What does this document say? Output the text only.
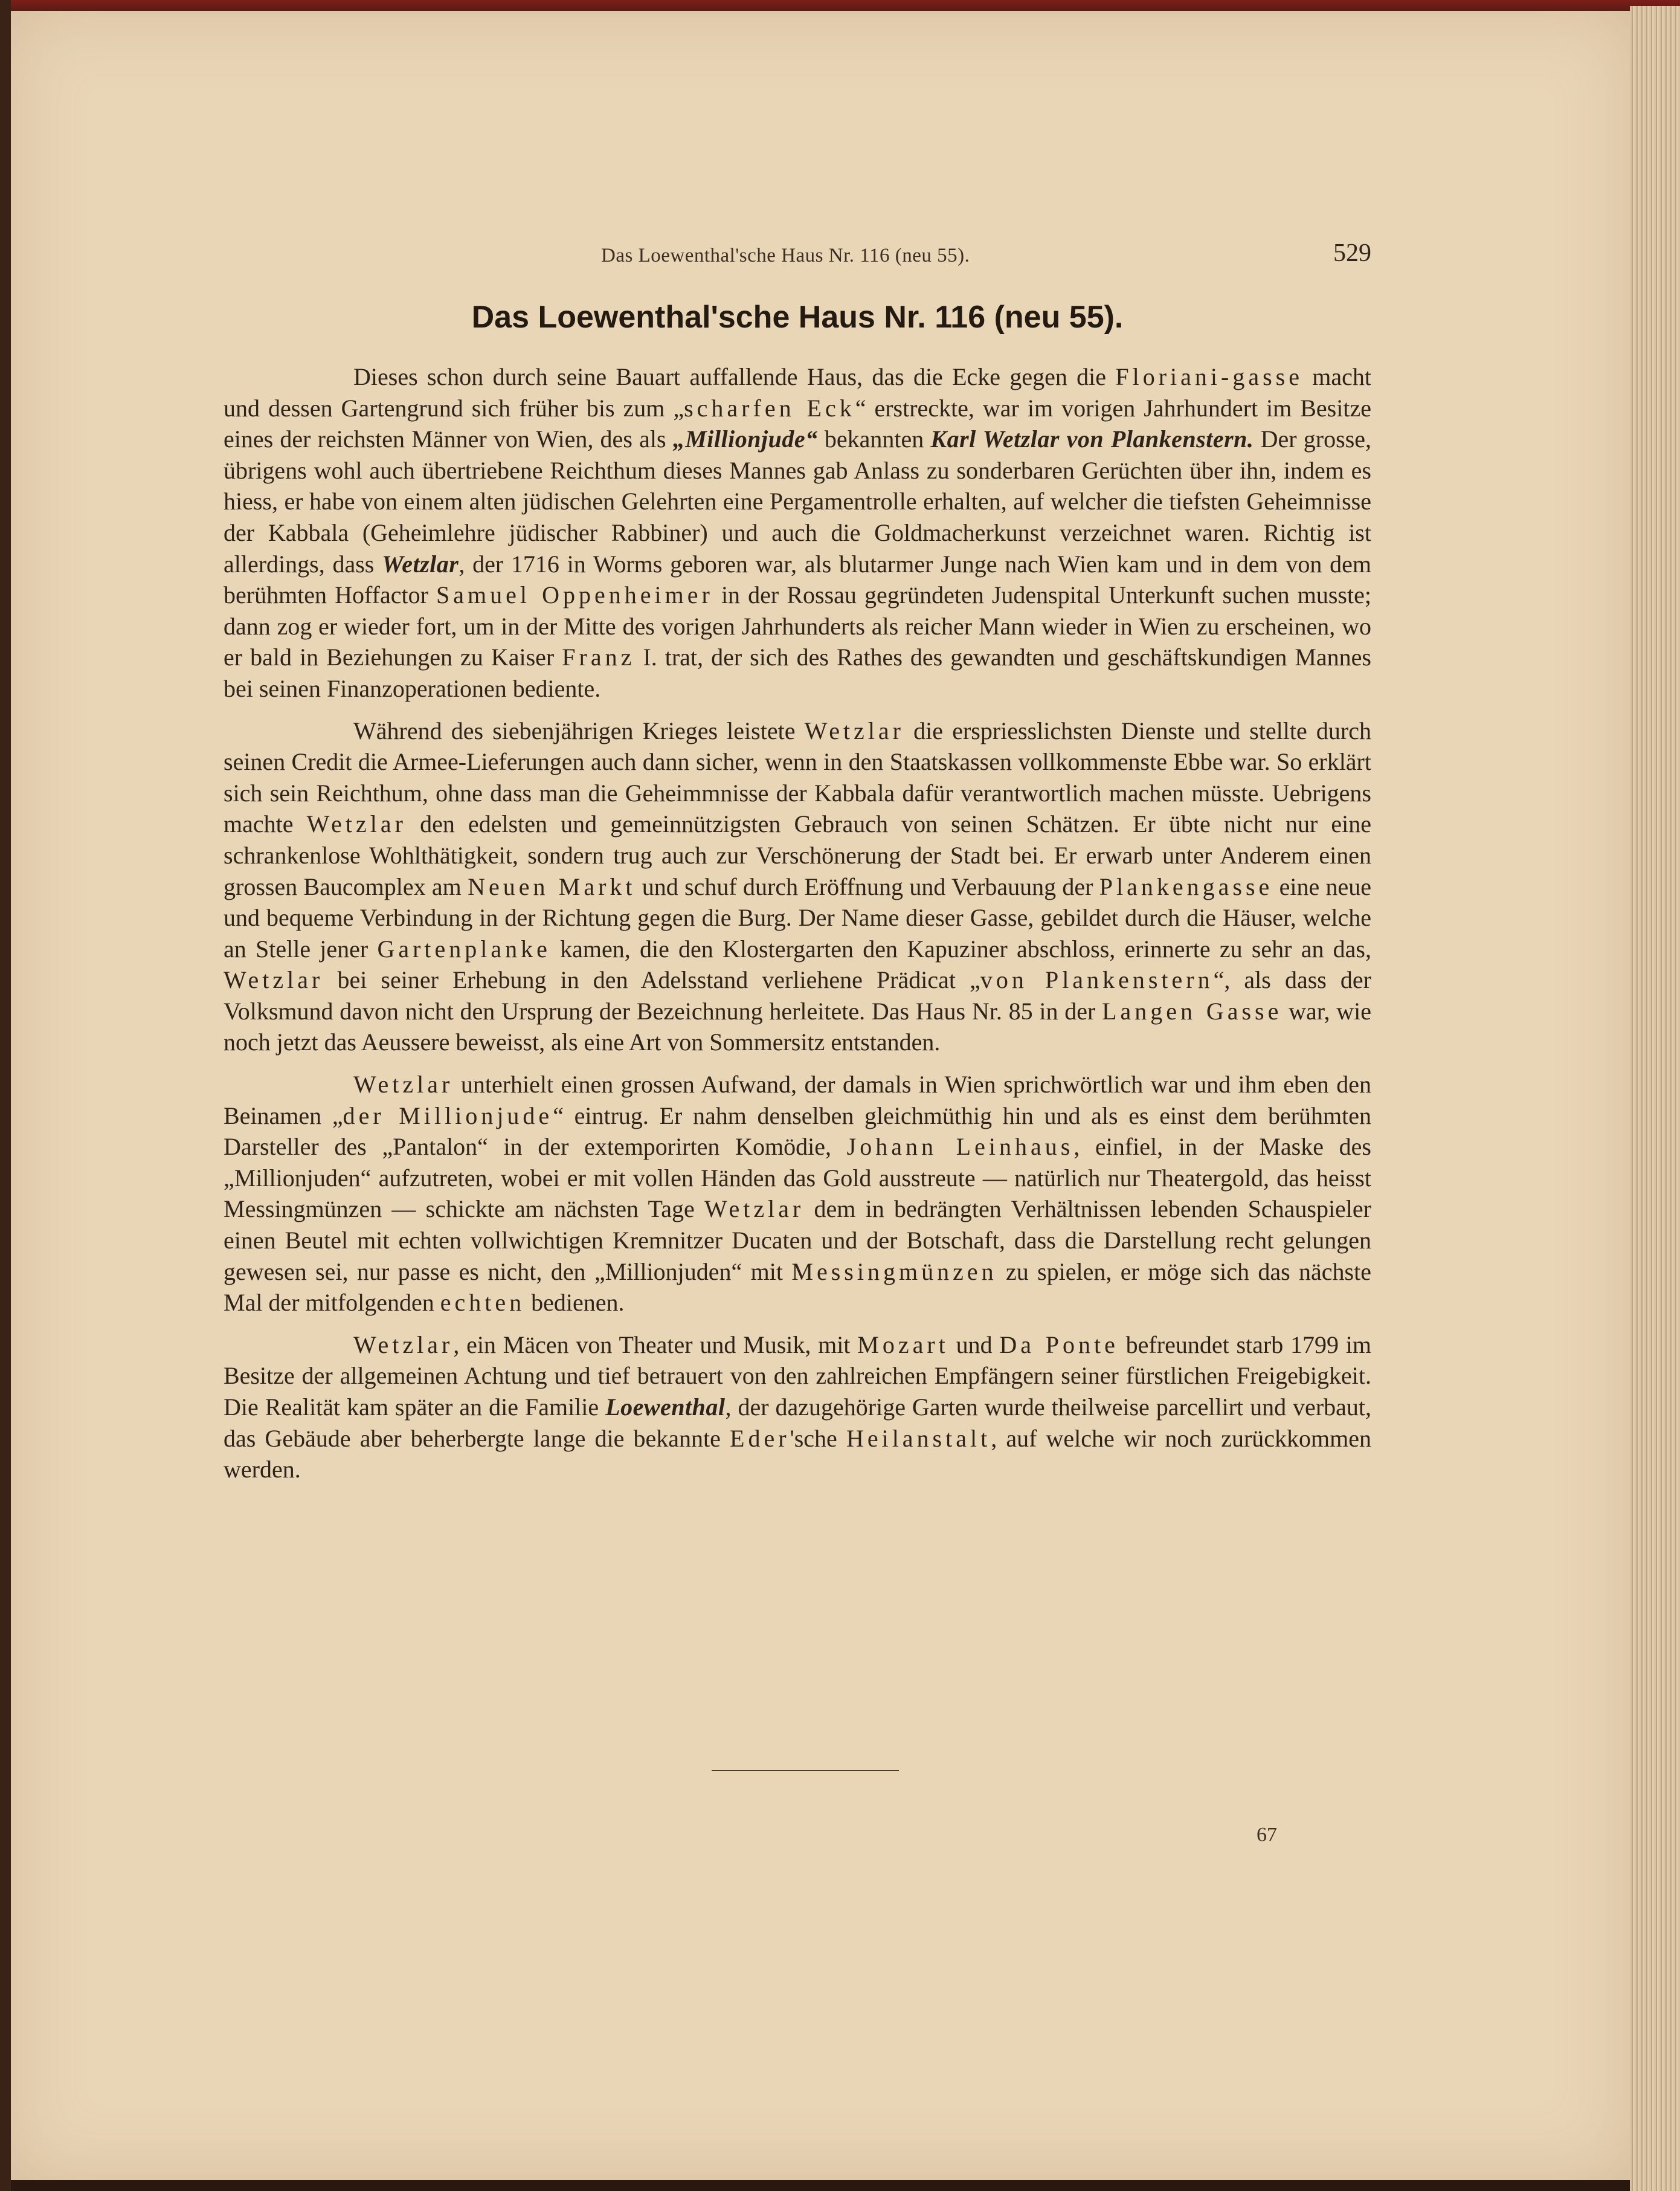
Das Loewenthal'sche Haus Nr. 116 (neu 55).	529
Das Loewenthal'sche Haus Nr. 116 (neu 55).

Dieses schon durch seine Bauart auffallende Haus, das die Ecke gegen die Floriani-gasse macht und dessen Gartengrund sich früher bis zum „scharfen Eck“ erstreckte, war im vorigen Jahrhundert im Besitze eines der reichsten Männer von Wien, des als „Millionjude“ bekannten Karl Wetzlar von Plankenstern. Der grosse, übrigens wohl auch übertriebene Reichthum dieses Mannes gab Anlass zu sonderbaren Gerüchten über ihn, indem es hiess, er habe von einem alten jüdischen Gelehrten eine Pergamentrolle erhalten, auf welcher die tiefsten Geheimnisse der Kabbala (Geheimlehre jüdischer Rabbiner) und auch die Goldmacherkunst verzeichnet waren. Richtig ist allerdings, dass Wetzlar, der 1716 in Worms geboren war, als blutarmer Junge nach Wien kam und in dem von dem berühmten Hoffactor Samuel Oppenheimer in der Rossau gegründeten Judenspital Unterkunft suchen musste; dann zog er wieder fort, um in der Mitte des vorigen Jahrhunderts als reicher Mann wieder in Wien zu erscheinen, wo er bald in Beziehungen zu Kaiser Franz I. trat, der sich des Rathes des gewandten und geschäftskundigen Mannes bei seinen Finanzoperationen bediente.

Während des siebenjährigen Krieges leistete Wetzlar die erspriesslichsten Dienste und stellte durch seinen Credit die Armee-Lieferungen auch dann sicher, wenn in den Staatskassen vollkommenste Ebbe war. So erklärt sich sein Reichthum, ohne dass man die Geheimmnisse der Kabbala dafür verantwortlich machen müsste. Uebrigens machte Wetzlar den edelsten und gemeinnützigsten Gebrauch von seinen Schätzen. Er übte nicht nur eine schrankenlose Wohlthätigkeit, sondern trug auch zur Verschönerung der Stadt bei. Er erwarb unter Anderem einen grossen Baucomplex am Neuen Markt und schuf durch Eröffnung und Verbauung der Plankengasse eine neue und bequeme Verbindung in der Richtung gegen die Burg. Der Name dieser Gasse, gebildet durch die Häuser, welche an Stelle jener Gartenplanke kamen, die den Klostergarten den Kapuziner abschloss, erinnerte zu sehr an das, Wetzlar bei seiner Erhebung in den Adelsstand verliehene Prädicat „von Plankenstern“, als dass der Volksmund davon nicht den Ursprung der Bezeichnung herleitete. Das Haus Nr. 85 in der Langen Gasse war, wie noch jetzt das Aeussere beweisst, als eine Art von Sommersitz entstanden.

Wetzlar unterhielt einen grossen Aufwand, der damals in Wien sprichwörtlich war und ihm eben den Beinamen „der Millionjude“ eintrug. Er nahm denselben gleichmüthig hin und als es einst dem berühmten Darsteller des „Pantalon“ in der extemporirten Komödie, Johann Leinhaus, einfiel, in der Maske des „Millionjuden“ aufzutreten, wobei er mit vollen Händen das Gold ausstreute — natürlich nur Theatergold, das heisst Messingmünzen — schickte am nächsten Tage Wetzlar dem in bedrängten Verhältnissen lebenden Schauspieler einen Beutel mit echten vollwichtigen Kremnitzer Ducaten und der Botschaft, dass die Darstellung recht gelungen gewesen sei, nur passe es nicht, den „Millionjuden“ mit Messingmünzen zu spielen, er möge sich das nächste Mal der mitfolgenden echten bedienen.

Wetzlar, ein Mäcen von Theater und Musik, mit Mozart und Da Ponte befreundet starb 1799 im Besitze der allgemeinen Achtung und tief betrauert von den zahlreichen Empfängern seiner fürstlichen Freigebigkeit. Die Realität kam später an die Familie Loewenthal, der dazugehörige Garten wurde theilweise parcellirt und verbaut, das Gebäude aber beherbergte lange die bekannte Eder'sche Heilanstalt, auf welche wir noch zurückkommen werden.

67
